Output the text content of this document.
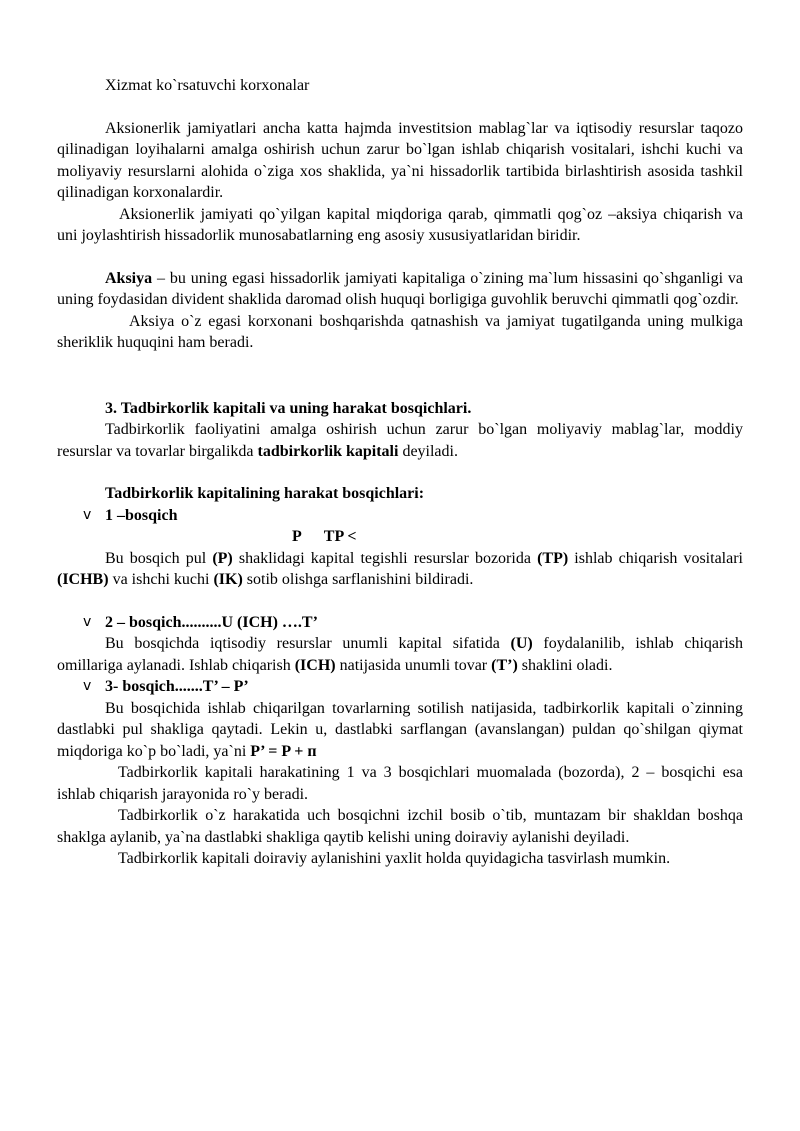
Xizmat ko`rsatuvchi korxonalar

Aksionerlik jamiyatlari ancha katta hajmda investitsion mablag`lar va iqtisodiy resurslar taqozo qilinadigan loyihalarni amalga oshirish uchun zarur bo`lgan ishlab chiqarish vositalari, ishchi kuchi va moliyaviy resurslarni alohida o`ziga xos shaklida, ya`ni hissadorlik tartibida birlashtirish asosida tashkil qilinadigan korxonalardir.

Aksionerlik jamiyati qo`yilgan kapital miqdoriga qarab, qimmatli qog`oz –aksiya chiqarish va uni joylashtirish hissadorlik munosabatlarning eng asosiy xususiyatlaridan biridir.

Aksiya – bu uning egasi hissadorlik jamiyati kapitaliga o`zining ma`lum hissasini qo`shganligi va uning foydasidan divident shaklida daromad olish huquqi borligiga guvohlik beruvchi qimmatli qog`ozdir.

Aksiya o`z egasi korxonani boshqarishda qatnashish va jamiyat tugatilganda uning mulkiga sheriklik huquqini ham beradi.

3. Tadbirkorlik kapitali va uning harakat bosqichlari.

Tadbirkorlik faoliyatini amalga oshirish uchun zarur bo`lgan moliyaviy mablag`lar, moddiy resurslar va tovarlar birgalikda tadbirkorlik kapitali deyiladi.

Tadbirkorlik kapitalining harakat bosqichlari:

v 1 –bosqich

P TP <

Bu bosqich pul (P) shaklidagi kapital tegishli resurslar bozorida (TP) ishlab chiqarish vositalari (ICHB) va ishchi kuchi (IK) sotib olishga sarflanishini bildiradi.

v 2 – bosqich..........U (ICH) ….T’

Bu bosqichda iqtisodiy resurslar unumli kapital sifatida (U) foydalanilib, ishlab chiqarish omillariga aylanadi. Ishlab chiqarish (ICH) natijasida unumli tovar (T’) shaklini oladi.

v 3- bosqich.......T’ – P’

Bu bosqichida ishlab chiqarilgan tovarlarning sotilish natijasida, tadbirkorlik kapitali o`zinning dastlabki pul shakliga qaytadi. Lekin u, dastlabki sarflangan (avanslangan) puldan qo`shilgan qiymat miqdoriga ko`p bo`ladi, ya`ni P’ = P + п

Tadbirkorlik kapitali harakatining 1 va 3 bosqichlari muomalada (bozorda), 2 – bosqichi esa ishlab chiqarish jarayonida ro`y beradi.

Tadbirkorlik o`z harakatida uch bosqichni izchil bosib o`tib, muntazam bir shakldan boshqa shaklga aylanib, ya`na dastlabki shakliga qaytib kelishi uning doiraviy aylanishi deyiladi.

Tadbirkorlik kapitali doiraviy aylanishini yaxlit holda quyidagicha tasvirlash mumkin.
